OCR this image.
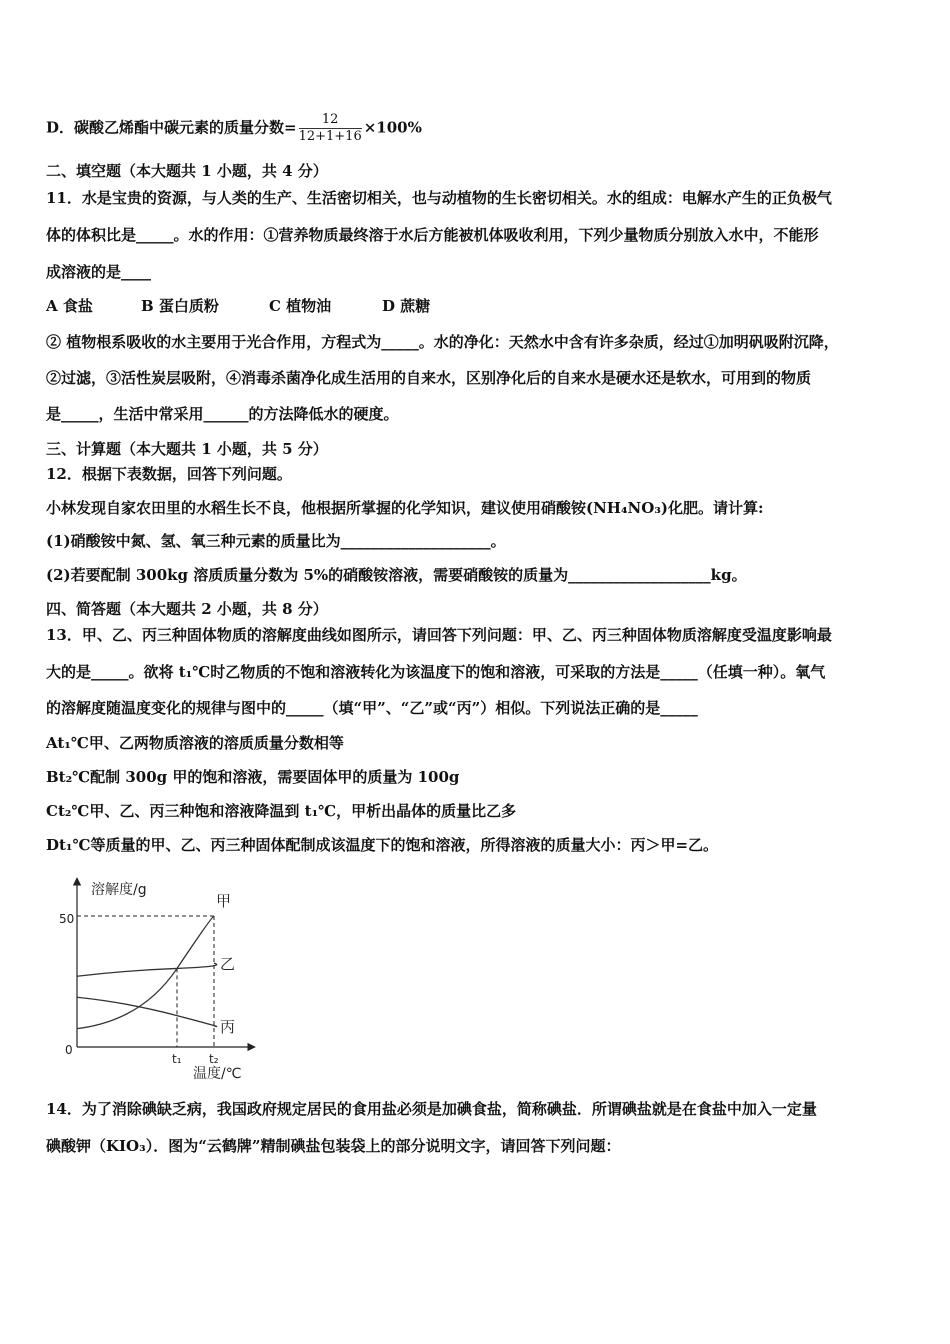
D．碳酸乙烯酯中碳元素的质量分数= $\frac{12}{12+1+16} \times 100\%$
二、填空题（本大题共 1 小题，共 4 分）
11．水是宝贵的资源，与人类的生产、生活密切相关，也与动植物的生长密切相关。水的组成：电解水产生的正负极气
体的体积比是_____。水的作用：①营养物质最终溶于水后方能被机体吸收利用，下列少量物质分别放入水中，不能形
成溶液的是____
A 食盐	B 蛋白质粉	C 植物油	D 蔗糖
② 植物根系吸收的水主要用于光合作用，方程式为_____。水的净化：天然水中含有许多杂质，经过①加明矾吸附沉降，
②过滤，③活性炭层吸附，④消毒杀菌净化成生活用的自来水，区别净化后的自来水是硬水还是软水，可用到的物质
是_____，生活中常采用______的方法降低水的硬度。
三、计算题（本大题共 1 小题，共 5 分）
12．根据下表数据，回答下列问题。
小林发现自家农田里的水稻生长不良，他根据所掌握的化学知识，建议使用硝酸铵(NH₄NO₃)化肥。请计算:
(1)硝酸铵中氮、氢、氧三种元素的质量比为____________________。
(2)若要配制 300kg 溶质质量分数为 5%的硝酸铵溶液，需要硝酸铵的质量为___________________kg。
四、简答题（本大题共 2 小题，共 8 分）
13．甲、乙、丙三种固体物质的溶解度曲线如图所示，请回答下列问题：甲、乙、丙三种固体物质溶解度受温度影响最
大的是_____。欲将 t₁℃时乙物质的不饱和溶液转化为该温度下的饱和溶液，可采取的方法是_____（任填一种）。氧气
的溶解度随温度变化的规律与图中的_____（填“甲”、“乙”或“丙”）相似。下列说法正确的是_____
At₁℃甲、乙两物质溶液的溶质质量分数相等
Bt₂℃配制 300g 甲的饱和溶液，需要固体甲的质量为 100g
Ct₂℃甲、乙、丙三种饱和溶液降温到 t₁℃，甲析出晶体的质量比乙多
Dt₁℃等质量的甲、乙、丙三种固体配制成该温度下的饱和溶液，所得溶液的质量大小：丙＞甲=乙。
甲
乙
丙
t₁ t₂
溶解度/g
温度/℃
50
0
14．为了消除碘缺乏病，我国政府规定居民的食用盐必须是加碘食盐，简称碘盐．所谓碘盐就是在食盐中加入一定量
碘酸钾（KIO₃）．图为“云鹤牌”精制碘盐包装袋上的部分说明文字，请回答下列问题：
